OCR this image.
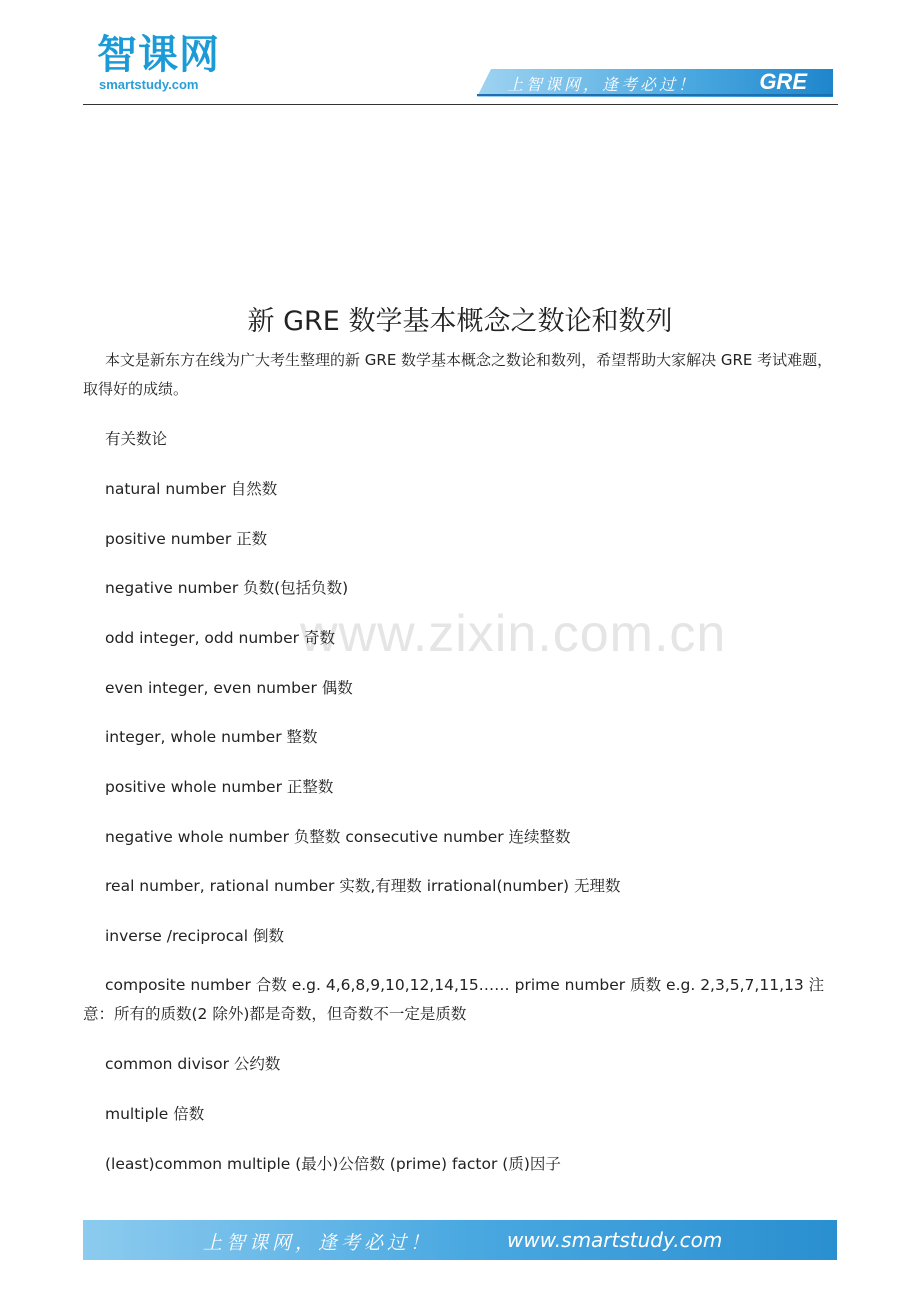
智课网
smartstudy.com	上智课网，逢考必过！	GRE
www.zixin.com.cn
新 GRE 数学基本概念之数论和数列
本文是新东方在线为广大考生整理的新 GRE 数学基本概念之数论和数列，希望帮助大家解决 GRE 考试难题，取得好的成绩。
有关数论
natural number 自然数
positive number 正数
negative number 负数(包括负数)
odd integer, odd number 奇数
even integer, even number 偶数
integer, whole number 整数
positive whole number 正整数
negative whole number 负整数 consecutive number 连续整数
real number, rational number 实数,有理数 irrational(number) 无理数
inverse /reciprocal 倒数
composite number 合数 e.g. 4,6,8,9,10,12,14,15…… prime number 质数 e.g. 2,3,5,7,11,13 注意：所有的质数(2 除外)都是奇数，但奇数不一定是质数
common divisor 公约数
multiple 倍数
(least)common multiple (最小)公倍数 (prime) factor (质)因子
上智课网，逢考必过！	www.smartstudy.com
